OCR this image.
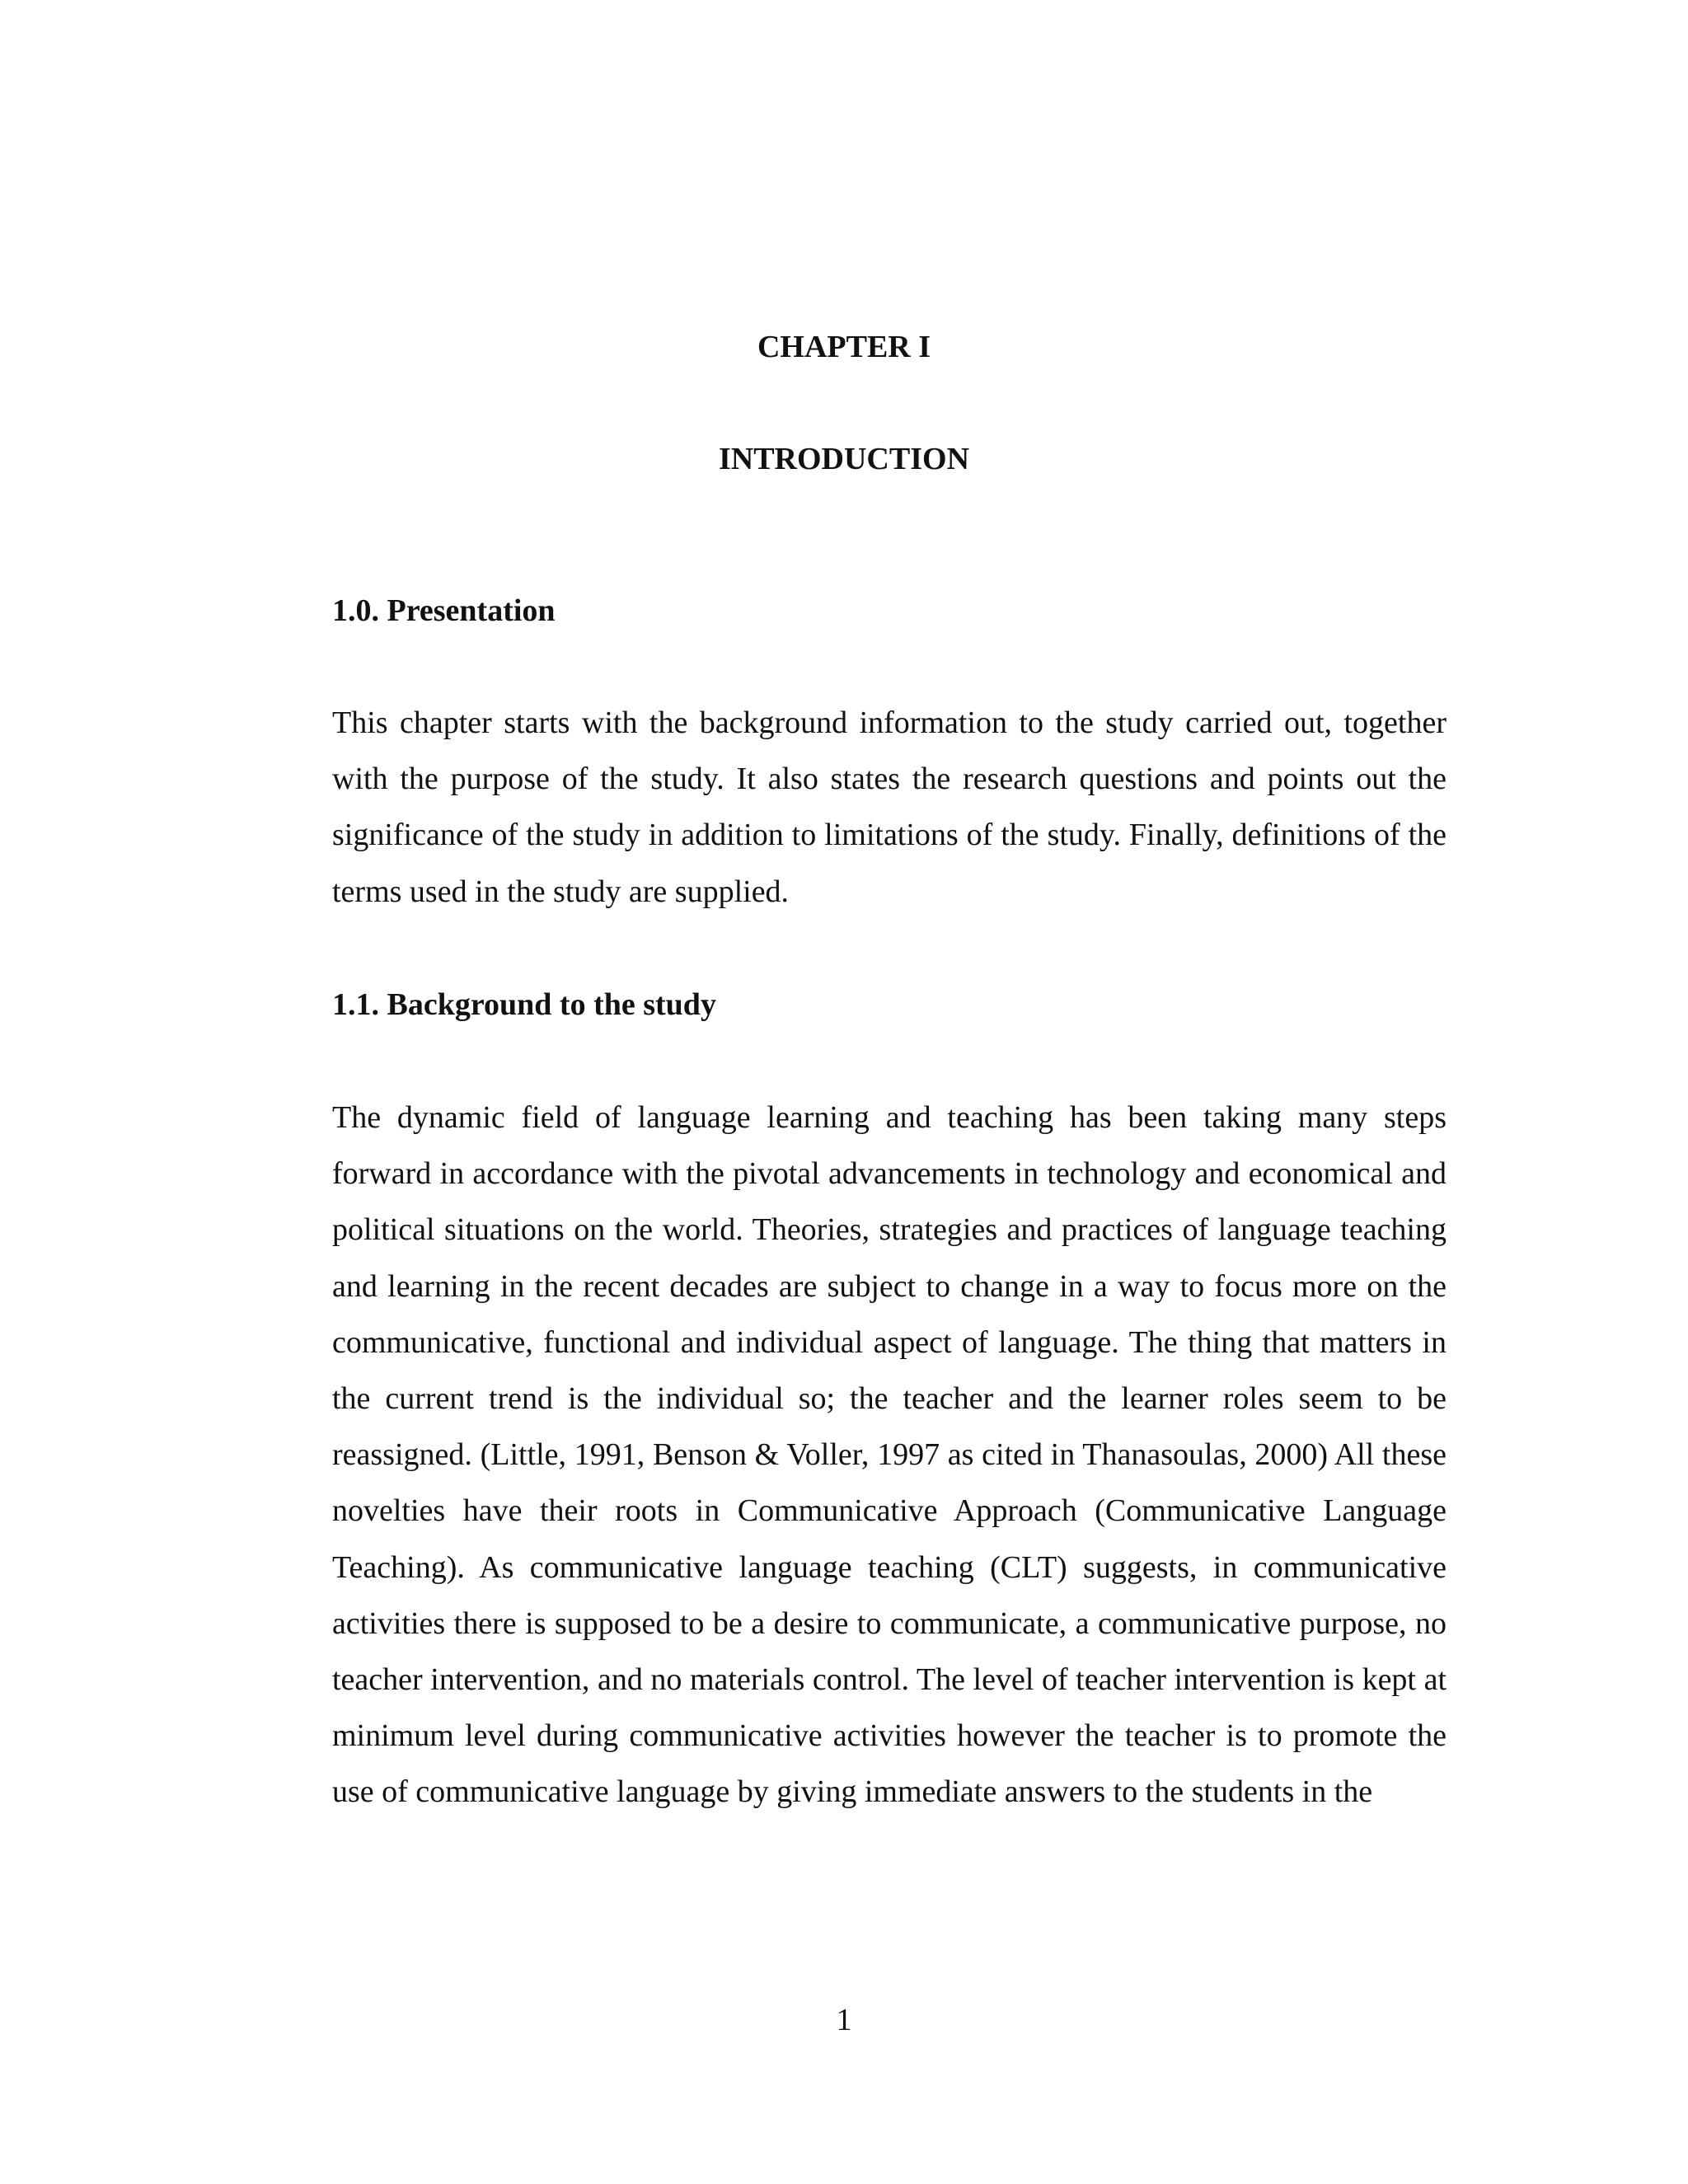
CHAPTER I
INTRODUCTION
1.0. Presentation

This chapter starts with the background information to the study carried out, together with the purpose of the study. It also states the research questions and points out the significance of the study in addition to limitations of the study. Finally, definitions of the terms used in the study are supplied.

1.1. Background to the study

The dynamic field of language learning and teaching has been taking many steps forward in accordance with the pivotal advancements in technology and economical and political situations on the world. Theories, strategies and practices of language teaching and learning in the recent decades are subject to change in a way to focus more on the communicative, functional and individual aspect of language. The thing that matters in the current trend is the individual so; the teacher and the learner roles seem to be reassigned. (Little, 1991, Benson & Voller, 1997 as cited in Thanasoulas, 2000) All these novelties have their roots in Communicative Approach (Communicative Language Teaching). As communicative language teaching (CLT) suggests, in communicative activities there is supposed to be a desire to communicate, a communicative purpose, no teacher intervention, and no materials control. The level of teacher intervention is kept at minimum level during communicative activities however the teacher is to promote the use of communicative language by giving immediate answers to the students in the

1
